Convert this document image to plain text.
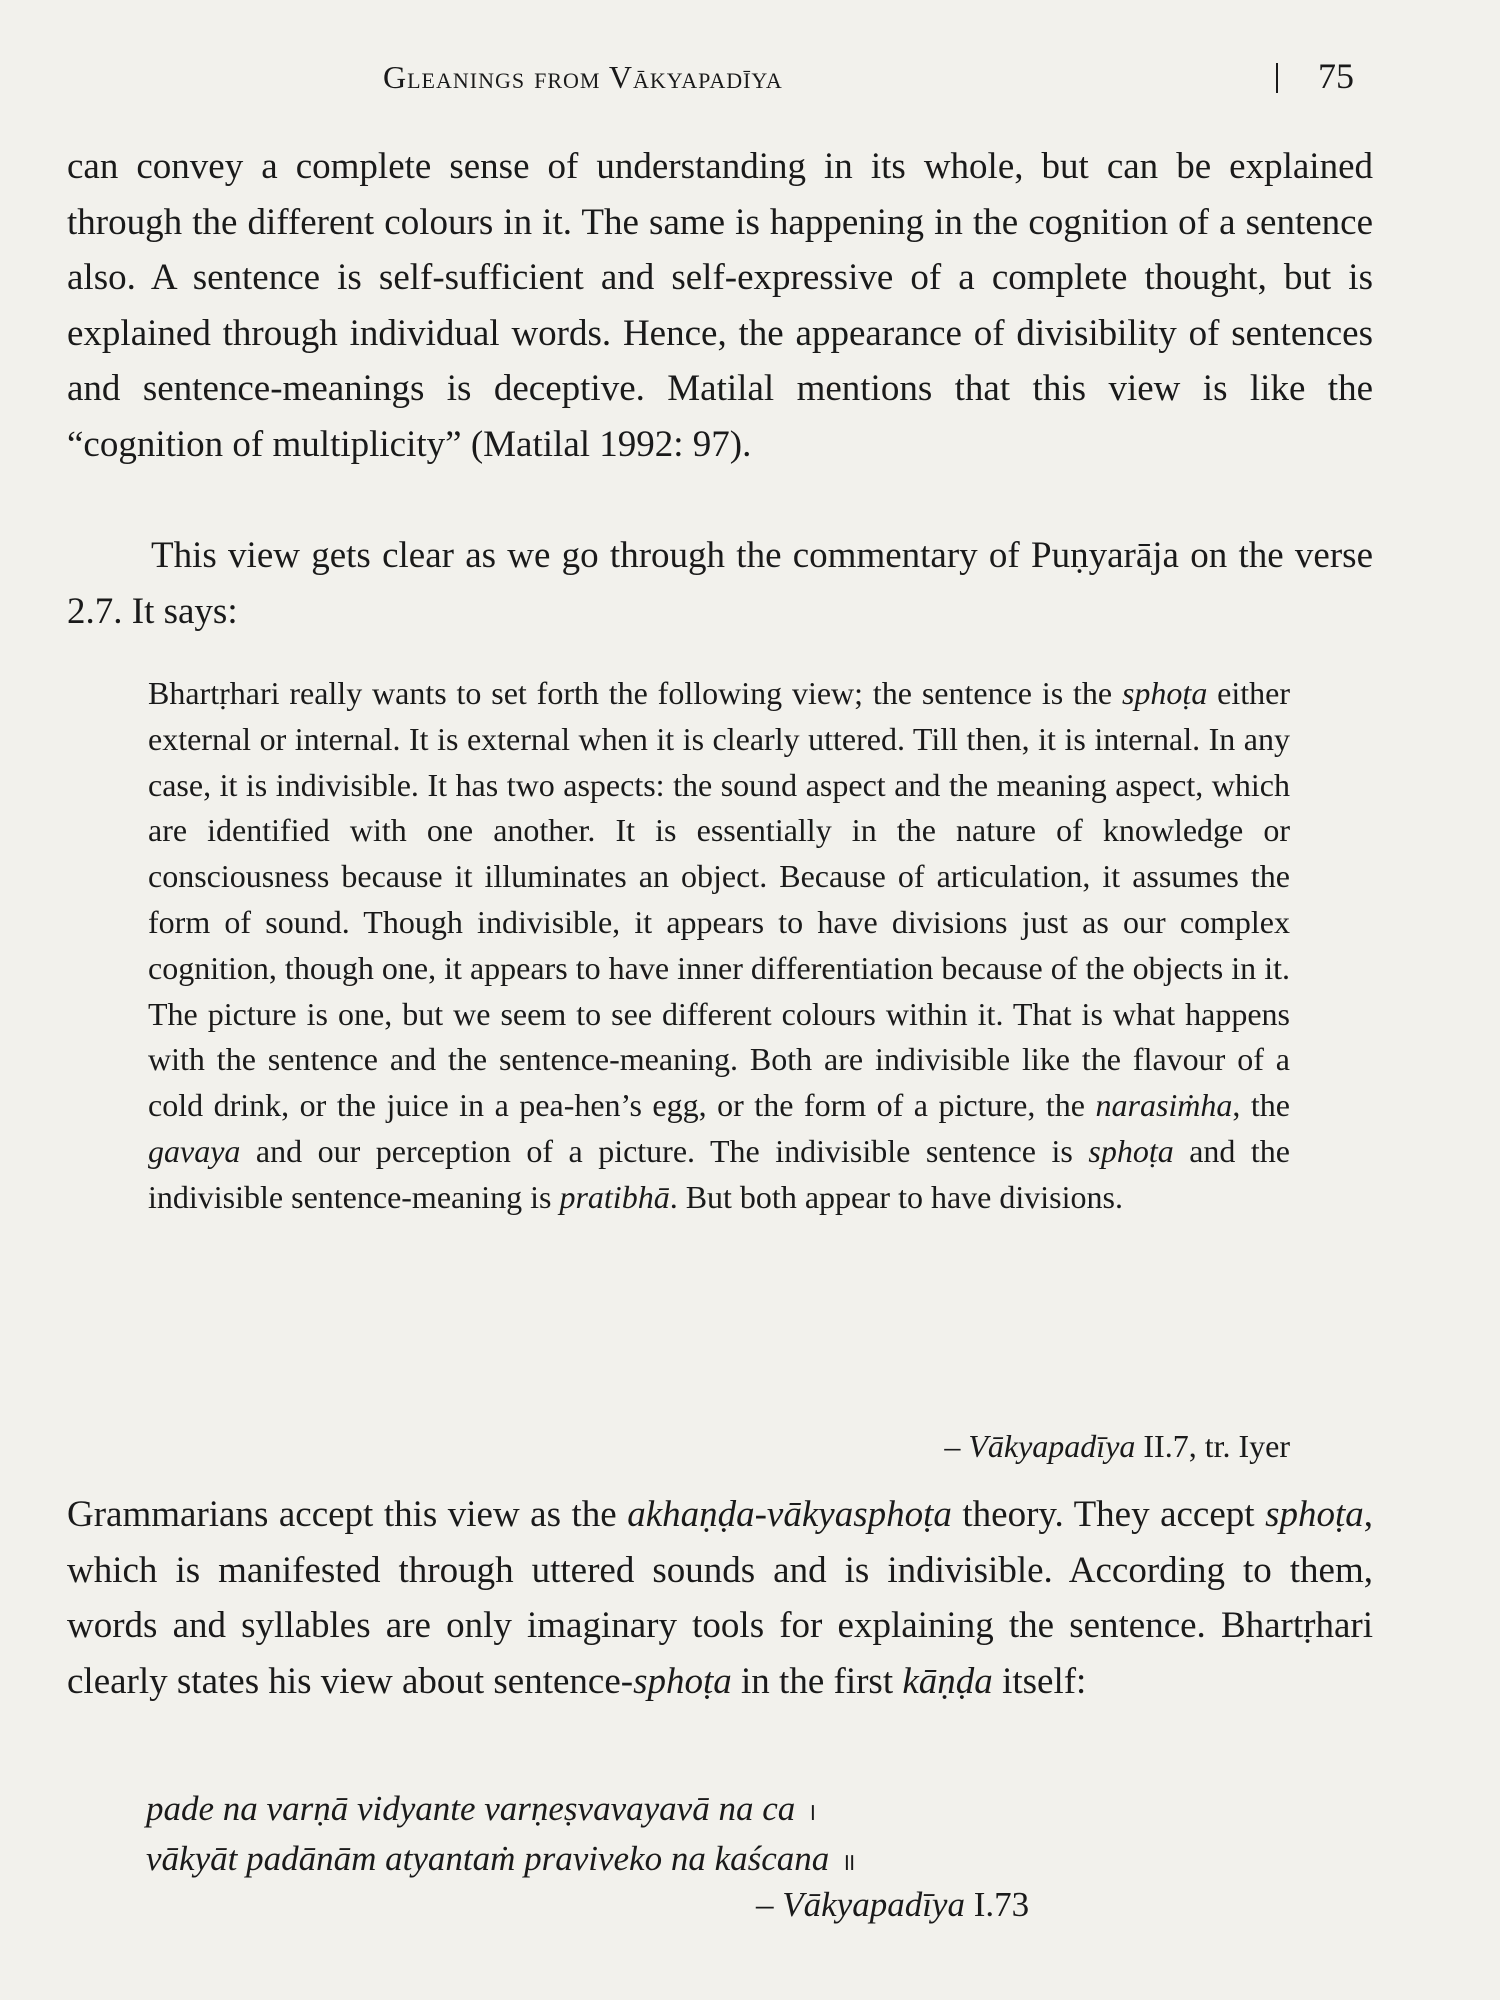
Gleanings from Vākyapadīya	75

can convey a complete sense of understanding in its whole, but can be explained through the different colours in it. The same is happening in the cognition of a sentence also. A sentence is self-sufficient and self-expressive of a complete thought, but is explained through individual words. Hence, the appearance of divisibility of sentences and sentence-meanings is deceptive. Matilal mentions that this view is like the “cognition of multiplicity” (Matilal 1992: 97).

This view gets clear as we go through the commentary of Puṇyarāja on the verse 2.7. It says:

Bhartṛhari really wants to set forth the following view; the sentence is the sphoṭa either external or internal. It is external when it is clearly uttered. Till then, it is internal. In any case, it is indivisible. It has two aspects: the sound aspect and the meaning aspect, which are identified with one another. It is essentially in the nature of knowledge or consciousness because it illuminates an object. Because of articulation, it assumes the form of sound. Though indivisible, it appears to have divisions just as our complex cognition, though one, it appears to have inner differentiation because of the objects in it. The picture is one, but we seem to see different colours within it. That is what happens with the sentence and the sentence-meaning. Both are indivisible like the flavour of a cold drink, or the juice in a pea-hen’s egg, or the form of a picture, the narasiṁha, the gavaya and our perception of a picture. The indivisible sentence is sphoṭa and the indivisible sentence-meaning is pratibhā. But both appear to have divisions.
– Vākyapadīya II.7, tr. Iyer

Grammarians accept this view as the akhaṇḍa-vākyasphoṭa theory. They accept sphoṭa, which is manifested through uttered sounds and is indivisible. According to them, words and syllables are only imaginary tools for explaining the sentence. Bhartṛhari clearly states his view about sentence-sphoṭa in the first kāṇḍa itself:

pade na varṇā vidyante varṇeṣvavayavā na ca ।
vākyāt padānām atyantaṁ praviveko na kaścana ॥
– Vākyapadīya I.73
